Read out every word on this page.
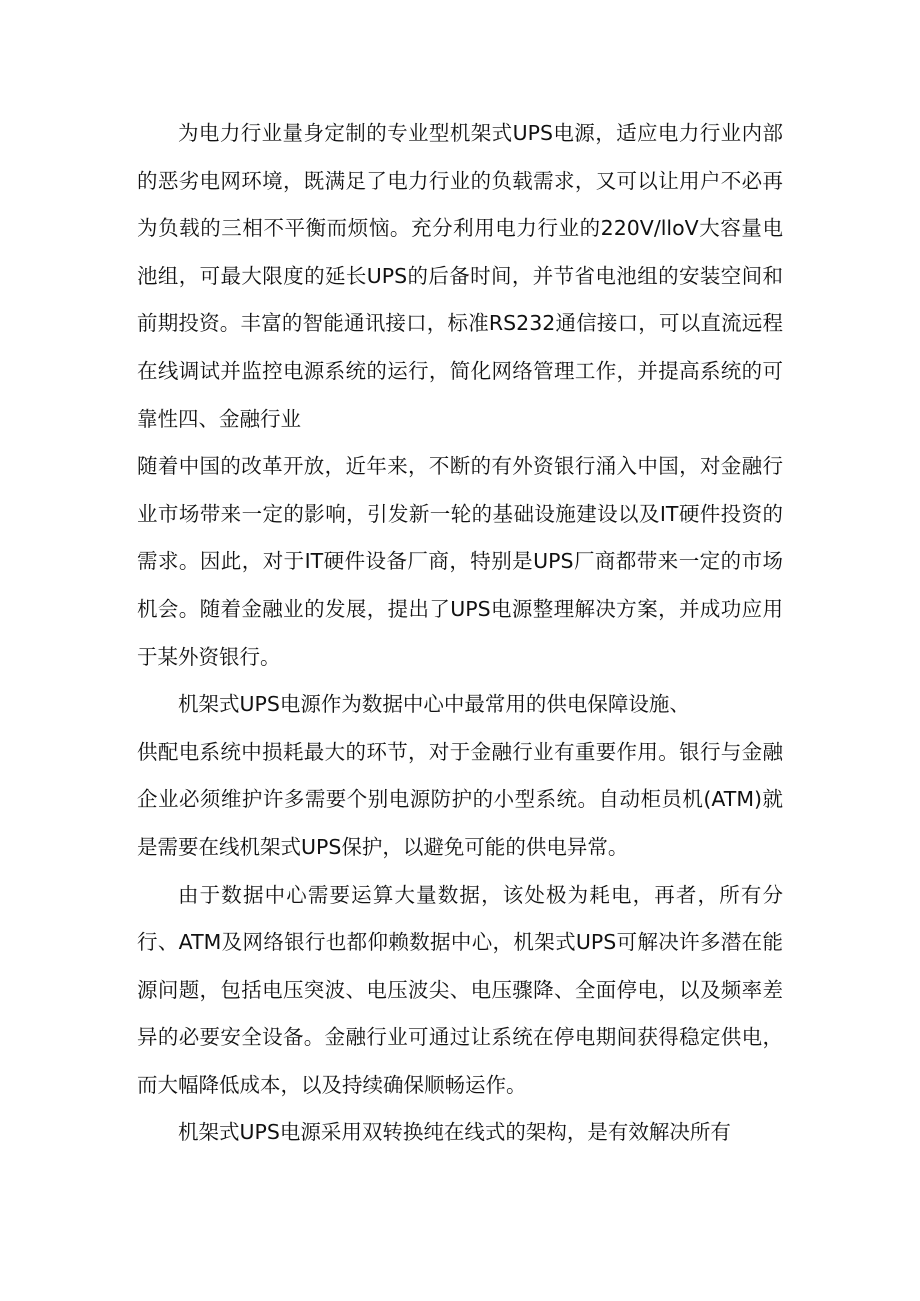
为电力行业量身定制的专业型机架式UPS电源，适应电力行业内部的恶劣电网环境，既满足了电力行业的负载需求，又可以让用户不必再为负载的三相不平衡而烦恼。充分利用电力行业的220V∕lloV大容量电池组，可最大限度的延长UPS的后备时间，并节省电池组的安装空间和前期投资。丰富的智能通讯接口，标准RS232通信接口，可以直流远程在线调试并监控电源系统的运行，简化网络管理工作，并提高系统的可靠性四、金融行业

随着中国的改革开放，近年来，不断的有外资银行涌入中国，对金融行业市场带来一定的影响，引发新一轮的基础设施建设以及IT硬件投资的需求。因此，对于IT硬件设备厂商，特别是UPS厂商都带来一定的市场机会。随着金融业的发展，提出了UPS电源整理解决方案，并成功应用于某外资银行。

机架式UPS电源作为数据中心中最常用的供电保障设施、

供配电系统中损耗最大的环节，对于金融行业有重要作用。银行与金融企业必须维护许多需要个别电源防护的小型系统。自动柜员机(ATM)就是需要在线机架式UPS保护，以避免可能的供电异常。

由于数据中心需要运算大量数据，该处极为耗电，再者，所有分行、ATM及网络银行也都仰赖数据中心，机架式UPS可解决许多潜在能源问题，包括电压突波、电压波尖、电压骤降、全面停电，以及频率差异的必要安全设备。金融行业可通过让系统在停电期间获得稳定供电，而大幅降低成本，以及持续确保顺畅运作。

机架式UPS电源采用双转换纯在线式的架构，是有效解决所有
